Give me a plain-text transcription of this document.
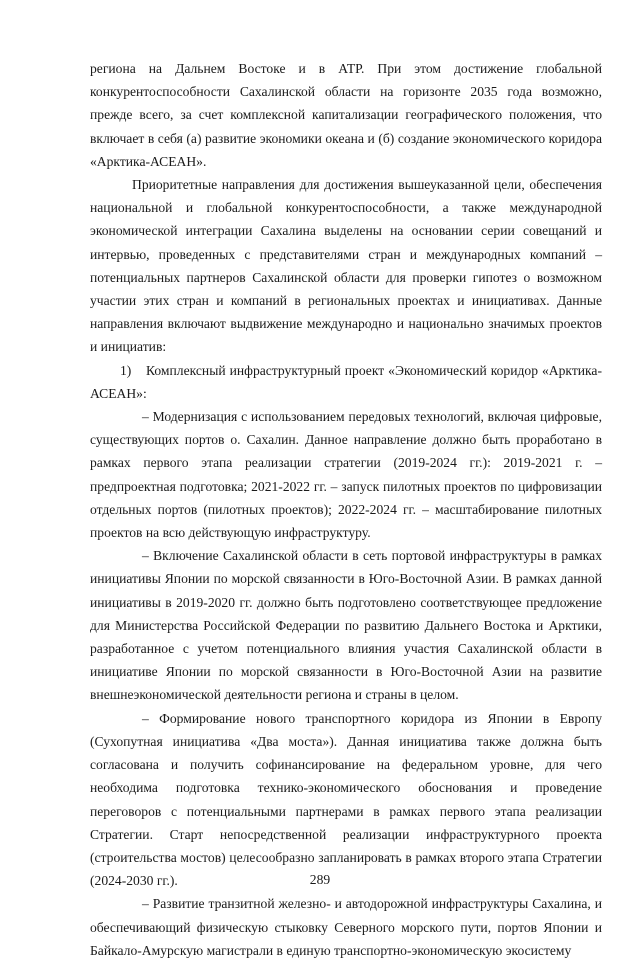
региона на Дальнем Востоке и в АТР. При этом достижение глобальной конкурентоспособности Сахалинской области на горизонте 2035 года возможно, прежде всего, за счет комплексной капитализации географического положения, что включает в себя (а) развитие экономики океана и (б) создание экономического коридора «Арктика-АСЕАН».

Приоритетные направления для достижения вышеуказанной цели, обеспечения национальной и глобальной конкурентоспособности, а также международной экономической интеграции Сахалина выделены на основании серии совещаний и интервью, проведенных с представителями стран и международных компаний – потенциальных партнеров Сахалинской области для проверки гипотез о возможном участии этих стран и компаний в региональных проектах и инициативах. Данные направления включают выдвижение международно и национально значимых проектов и инициатив:

1) Комплексный инфраструктурный проект «Экономический коридор «Арктика-АСЕАН»:

– Модернизация с использованием передовых технологий, включая цифровые, существующих портов о. Сахалин. Данное направление должно быть проработано в рамках первого этапа реализации стратегии (2019-2024 гг.): 2019-2021 г. – предпроектная подготовка; 2021-2022 гг. – запуск пилотных проектов по цифровизации отдельных портов (пилотных проектов); 2022-2024 гг. – масштабирование пилотных проектов на всю действующую инфраструктуру.

– Включение Сахалинской области в сеть портовой инфраструктуры в рамках инициативы Японии по морской связанности в Юго-Восточной Азии. В рамках данной инициативы в 2019-2020 гг. должно быть подготовлено соответствующее предложение для Министерства Российской Федерации по развитию Дальнего Востока и Арктики, разработанное с учетом потенциального влияния участия Сахалинской области в инициативе Японии по морской связанности в Юго-Восточной Азии на развитие внешнеэкономической деятельности региона и страны в целом.

– Формирование нового транспортного коридора из Японии в Европу (Сухопутная инициатива «Два моста»). Данная инициатива также должна быть согласована и получить софинансирование на федеральном уровне, для чего необходима подготовка технико-экономического обоснования и проведение переговоров с потенциальными партнерами в рамках первого этапа реализации Стратегии. Старт непосредственной реализации инфраструктурного проекта (строительства мостов) целесообразно запланировать в рамках второго этапа Стратегии (2024-2030 гг.).

– Развитие транзитной железно- и автодорожной инфраструктуры Сахалина, и обеспечивающий физическую стыковку Северного морского пути, портов Японии и Байкало-Амурскую магистрали в единую транспортно-экономическую экосистему

289
